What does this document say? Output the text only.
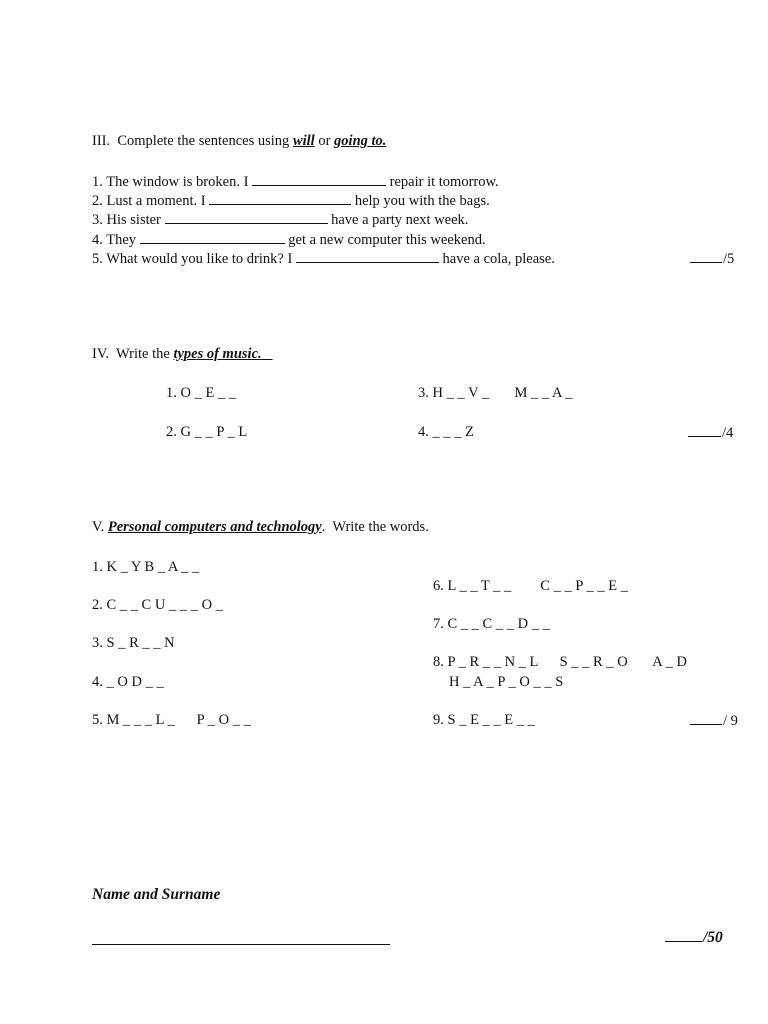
III.  Complete the sentences using will or going to.
1. The window is broken. I	repair it tomorrow.
2. Lust a moment. I	help you with the bags.
3. His sister	have a party next week.
4. They	get a new computer this weekend.
5. What would you like to drink? I	have a cola, please.	/5
IV.  Write the types of music.
1. O _ E _ _	3. H _ _ V _       M _ _ A _
2. G _ _ P _ L	4. _ _ _ Z	/4
V. Personal computers and technology.  Write the words.
1. K _ Y B _ A _ _
2. C _ _ C U _ _ _ O _
3. S _ R _ _ N
4. _ O D _ _
5. M _ _ _ L _      P _ O _ _
6. L _ _ T _ _        C _ _ P _ _ E _
7. C _ _ C _ _ D _ _
8. P _ R _ _ N _ L      S _ _ R _ O       A _ D
H _ A _ P _ O _ _ S
9. S _ E _ _ E _ _	/ 9
Name and Surname
/50
